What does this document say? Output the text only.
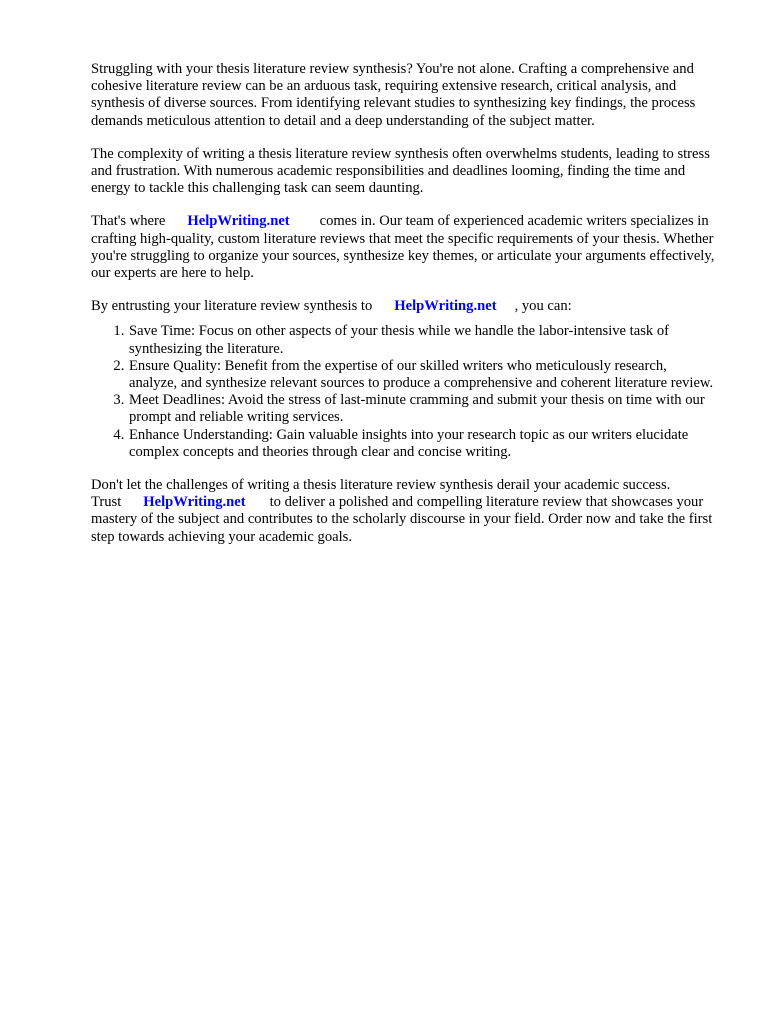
Struggling with your thesis literature review synthesis? You're not alone. Crafting a comprehensive and cohesive literature review can be an arduous task, requiring extensive research, critical analysis, and synthesis of diverse sources. From identifying relevant studies to synthesizing key findings, the process demands meticulous attention to detail and a deep understanding of the subject matter.

The complexity of writing a thesis literature review synthesis often overwhelms students, leading to stress and frustration. With numerous academic responsibilities and deadlines looming, finding the time and energy to tackle this challenging task can seem daunting.

That's where HelpWriting.net comes in. Our team of experienced academic writers specializes in crafting high-quality, custom literature reviews that meet the specific requirements of your thesis. Whether you're struggling to organize your sources, synthesize key themes, or articulate your arguments effectively, our experts are here to help.

By entrusting your literature review synthesis to HelpWriting.net , you can:

1. Save Time: Focus on other aspects of your thesis while we handle the labor-intensive task of synthesizing the literature.
2. Ensure Quality: Benefit from the expertise of our skilled writers who meticulously research, analyze, and synthesize relevant sources to produce a comprehensive and coherent literature review.
3. Meet Deadlines: Avoid the stress of last-minute cramming and submit your thesis on time with our prompt and reliable writing services.
4. Enhance Understanding: Gain valuable insights into your research topic as our writers elucidate complex concepts and theories through clear and concise writing.

Don't let the challenges of writing a thesis literature review synthesis derail your academic success. Trust HelpWriting.net to deliver a polished and compelling literature review that showcases your mastery of the subject and contributes to the scholarly discourse in your field. Order now and take the first step towards achieving your academic goals.
